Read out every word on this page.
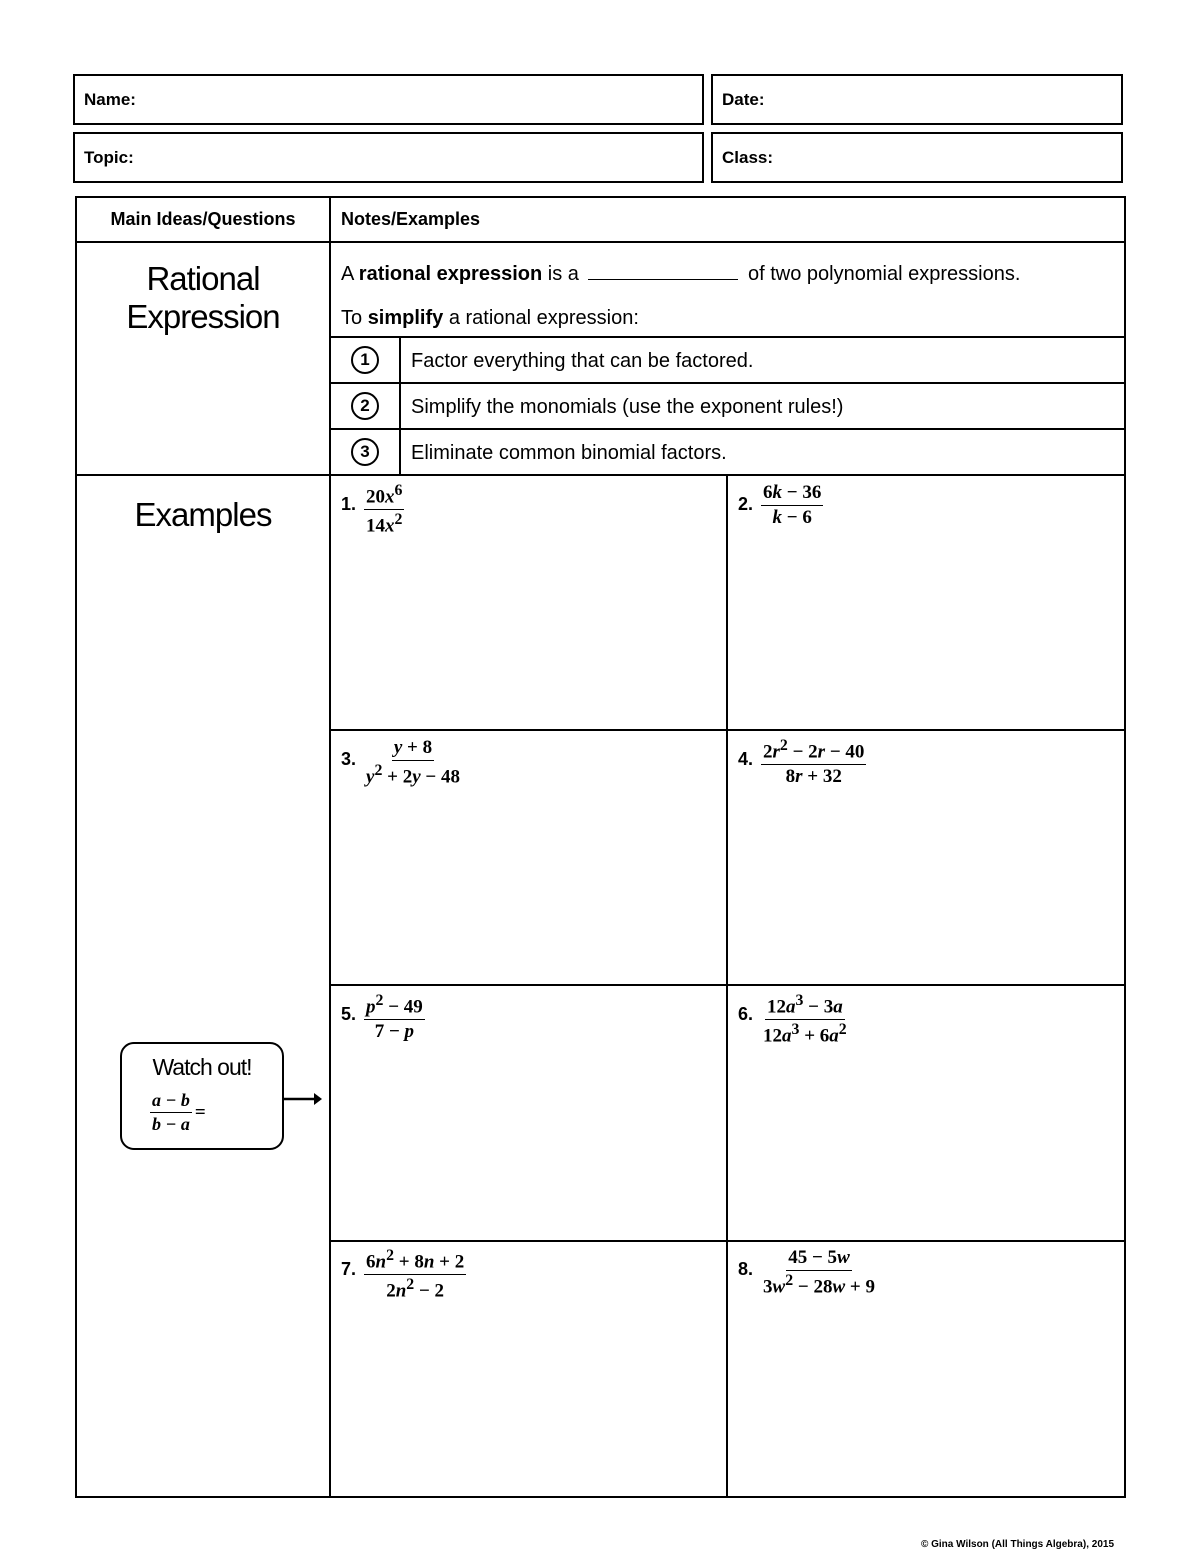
Name:	Date:
Topic:	Class:
Main Ideas/Questions	Notes/Examples
Rational
Expression
A rational expression is a	of two polynomial expressions.
To simplify a rational expression:
1	Factor everything that can be factored.
2	Simplify the monomials (use the exponent rules!)
3	Eliminate common binomial factors.
Examples	1. $\frac{20x^6}{14x^2}$	2. $\frac{6k - 36}{k - 6}$
3. $\frac{y + 8}{y^2 + 2y - 48}$	4. $\frac{2r^2 - 2r - 40}{8r + 32}$
5. $\frac{p^2 - 49}{7 - p}$	6. $\frac{12a^3 - 3a}{12a^3 + 6a^2}$
7. $\frac{6n^2 + 8n + 2}{2n^2 - 2}$	8. $\frac{45 - 5w}{3w^2 - 28w + 9}$
Watch out!
$\frac{a - b}{b - a}$ =
© Gina Wilson (All Things Algebra), 2015
